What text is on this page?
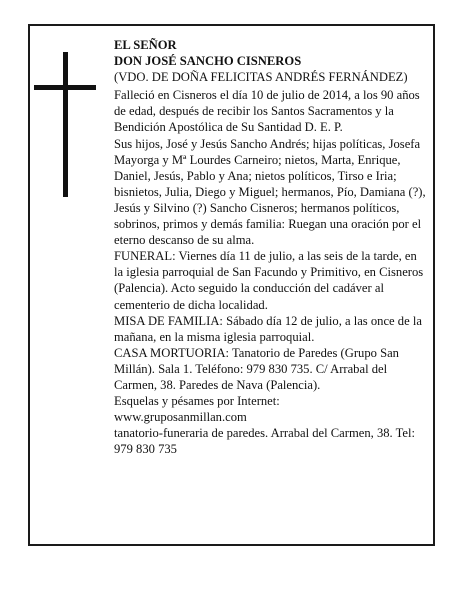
EL SEÑOR

DON JOSÉ SANCHO CISNEROS

(VDO. DE DOÑA FELICITAS ANDRÉS FERNÁNDEZ)

Falleció en Cisneros el día 10 de julio de 2014, a los 90 años de edad, después de recibir los Santos Sacramentos y la Bendición Apostólica de Su Santidad D. E. P.

Sus hijos, José y Jesús Sancho Andrés; hijas políticas, Josefa Mayorga y Mª Lourdes Carneiro; nietos, Marta, Enrique, Daniel, Jesús, Pablo y Ana; nietos políticos, Tirso e Iria; bisnietos, Julia, Diego y Miguel; hermanos, Pío, Damiana (?), Jesús y Silvino (?) Sancho Cisneros; hermanos políticos, sobrinos, primos y demás familia: Ruegan una oración por el eterno descanso de su alma.

FUNERAL: Viernes día 11 de julio, a las seis de la tarde, en la iglesia parroquial de San Facundo y Primitivo, en Cisneros (Palencia). Acto seguido la conducción del cadáver al cementerio de dicha localidad.

MISA DE FAMILIA: Sábado día 12 de julio, a las once de la mañana, en la misma iglesia parroquial.

CASA MORTUORIA: Tanatorio de Paredes (Grupo San Millán). Sala 1. Teléfono: 979 830 735. C/ Arrabal del Carmen, 38. Paredes de Nava (Palencia).

Esquelas y pésames por Internet:

www.gruposanmillan.com

tanatorio-funeraria de paredes. Arrabal del Carmen, 38. Tel: 979 830 735
